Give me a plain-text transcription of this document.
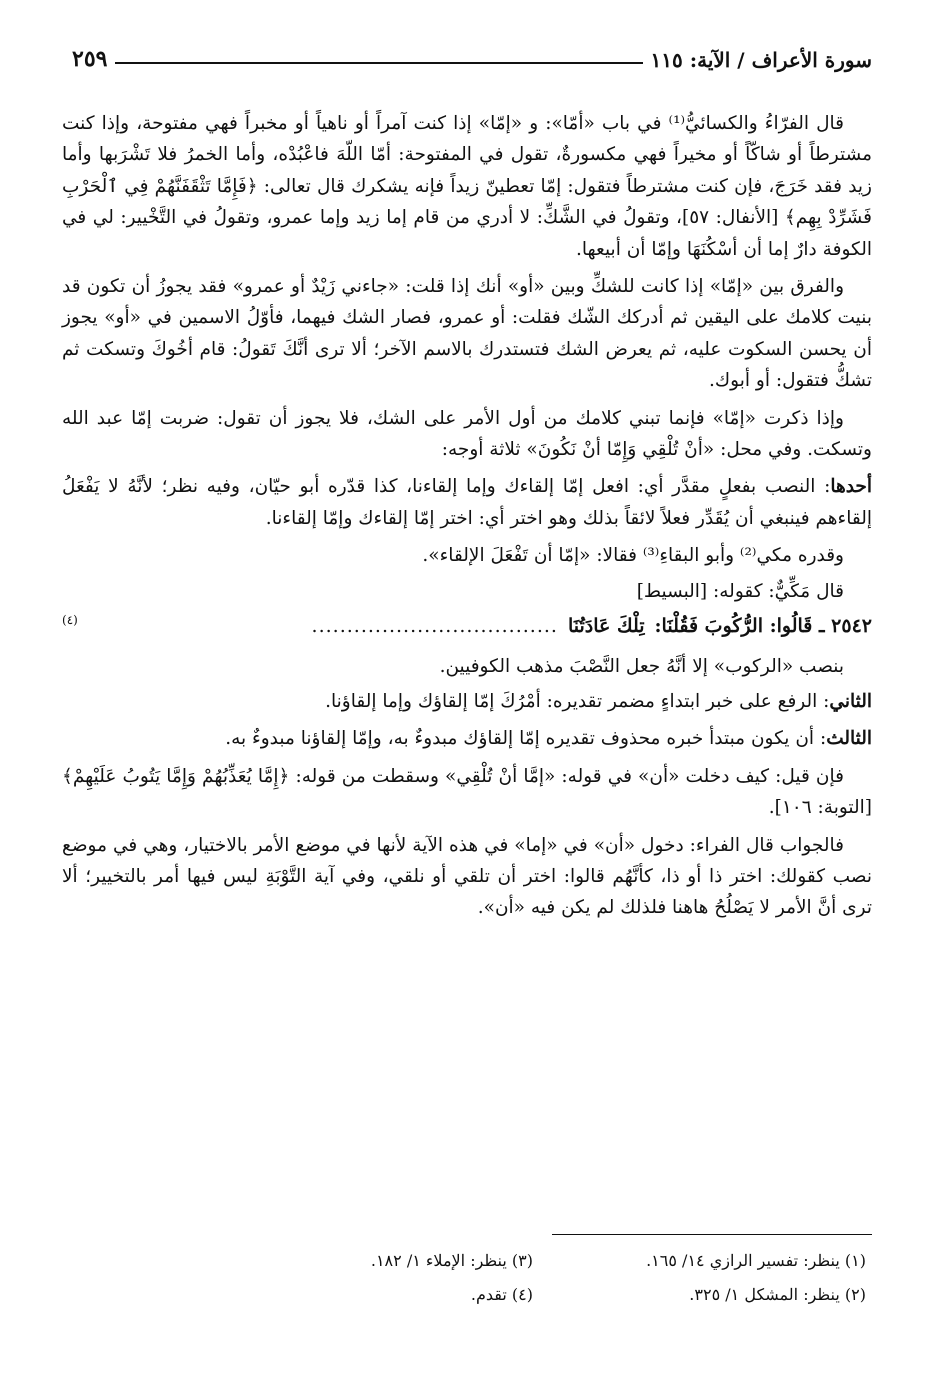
سورة الأعراف / الآية: ١١٥
٢٥٩

قال الفرّاءُ والكسائيُّ⁽¹⁾ في باب «أمّا»: و «إمّا» إذا كنت آمراً أو ناهياً أو مخبراً فهي مفتوحة، وإذا كنت مشترطاً أو شاكّاً أو مخيراً فهي مكسورةٌ، تقول في المفتوحة: أمّا اللّهَ فاعْبُدْه، وأما الخمرُ فلا تَشْرَبها وأما زيد فقد خَرَجَ، فإن كنت مشترطاً فتقول: إمّا تعطينّ زيداً فإنه يشكرك قال تعالى: ﴿فَإِمَّا تَثْقَفَنَّهُمْ فِي ٱلْحَرْبِ فَشَرِّدْ بِهِم﴾ [الأنفال: ٥٧]، وتقولُ في الشَّكِّ: لا أدري من قام إما زيد وإما عمرو، وتقولُ في التَّخْيير: لي في الكوفة دارٌ إما أن أسْكُنَهَا وإمّا أن أبيعها.

والفرق بين «إمّا» إذا كانت للشكِّ وبين «أو» أنك إذا قلت: «جاءني زَيْدٌ أو عمرو» فقد يجوزُ أن تكون قد بنيت كلامك على اليقين ثم أدركك الشّك فقلت: أو عمرو، فصار الشك فيهما، فأوّلُ الاسمين في «أو» يجوز أن يحسن السكوت عليه، ثم يعرض الشك فتستدرك بالاسم الآخر؛ ألا ترى أنَّكَ تَقولُ: قام أخُوكَ وتسكت ثم تشكُّ فتقول: أو أبوك.

وإذا ذكرت «إمّا» فإنما تبني كلامك من أول الأمر على الشك، فلا يجوز أن تقول: ضربت إمّا عبد الله وتسكت. وفي محل: «أنْ تُلْقِي وَإِمّا أنْ نَكُونَ» ثلاثة أوجه:

أحدها: النصب بفعلٍ مقدَّر أي: افعل إمّا إلقاءك وإما إلقاءنا، كذا قدّره أبو حيّان، وفيه نظر؛ لأنَّهُ لا يَفْعَلُ إلقاءهم فينبغي أن يُقَدِّر فعلاً لائقاً بذلك وهو اختر أي: اختر إمّا إلقاءك وإمّا إلقاءنا.

وقدره مكي⁽²⁾ وأبو البقاءِ⁽³⁾ فقالا: «إمّا أن تَفْعَلَ الإلقاء».

قال مَكِّيٌّ: كقوله: [البسيط]

٢٥٤٢ ـ قَالُوا: الرُّكُوبَ فَقُلْنَا:
تِلْكَ عَادَتُنَا
...................................
(٤)

بنصب «الركوب» إلا أنَّهُ جعل النَّصْبَ مذهب الكوفيين.

الثاني: الرفع على خبر ابتداءٍ مضمر تقديره: أمْرُكَ إمّا إلقاؤك وإما إلقاؤنا.

الثالث: أن يكون مبتدأ خبره محذوف تقديره إمّا إلقاؤك مبدوءٌ به، وإمّا إلقاؤنا مبدوءٌ به.

فإن قيل: كيف دخلت «أن» في قوله: «إمَّا أنْ تُلْقِي» وسقطت من قوله: ﴿إِمَّا يُعَذِّبُهُمْ وَإِمَّا يَتُوبُ عَلَيْهِمْ﴾ [التوبة: ١٠٦].

فالجواب قال الفراء: دخول «أن» في «إما» في هذه الآية لأنها في موضع الأمر بالاختيار، وهي في موضع نصب كقولك: اختر ذا أو ذا، كأنَّهُم قالوا: اختر أن تلقي أو نلقي، وفي آية التَّوْبَةِ ليس فيها أمر بالتخيير؛ ألا ترى أنَّ الأمر لا يَصْلُحُ هاهنا فلذلك لم يكن فيه «أن».

(١) ينظر: تفسير الرازي ١٤/ ١٦٥.
(٣) ينظر: الإملاء ١/ ١٨٢.
(٢) ينظر: المشكل ١/ ٣٢٥.
(٤) تقدم.
